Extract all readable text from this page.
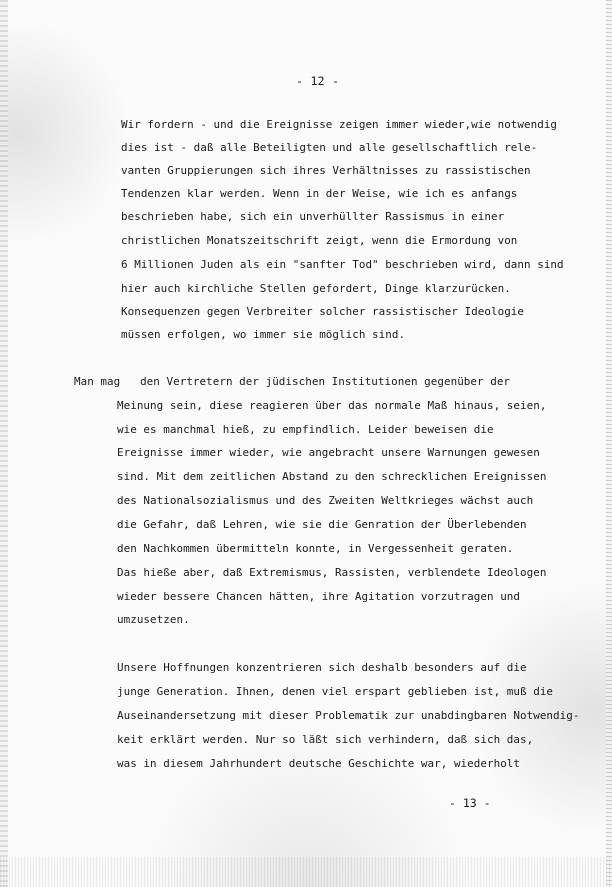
- 12 -
Wir fordern - und die Ereignisse zeigen immer wieder,wie notwendig
dies ist - daß alle Beteiligten und alle gesellschaftlich rele-
vanten Gruppierungen sich ihres Verhältnisses zu rassistischen
Tendenzen klar werden. Wenn in der Weise, wie ich es anfangs
beschrieben habe, sich ein unverhüllter Rassismus in einer
christlichen Monatszeitschrift zeigt, wenn die Ermordung von
6 Millionen Juden als ein "sanfter Tod" beschrieben wird, dann sind
hier auch kirchliche Stellen gefordert, Dinge klarzurücken.
Konsequenzen gegen Verbreiter solcher rassistischer Ideologie
müssen erfolgen, wo immer sie möglich sind.
Man mag   den Vertretern der jüdischen Institutionen gegenüber der
Meinung sein, diese reagieren über das normale Maß hinaus, seien,
wie es manchmal hieß, zu empfindlich. Leider beweisen die
Ereignisse immer wieder, wie angebracht unsere Warnungen gewesen
sind. Mit dem zeitlichen Abstand zu den schrecklichen Ereignissen
des Nationalsozialismus und des Zweiten Weltkrieges wächst auch
die Gefahr, daß Lehren, wie sie die Genration der Überlebenden
den Nachkommen übermitteln konnte, in Vergessenheit geraten.
Das hieße aber, daß Extremismus, Rassisten, verblendete Ideologen
wieder bessere Chancen hätten, ihre Agitation vorzutragen und
umzusetzen.
Unsere Hoffnungen konzentrieren sich deshalb besonders auf die
junge Generation. Ihnen, denen viel erspart geblieben ist, muß die
Auseinandersetzung mit dieser Problematik zur unabdingbaren Notwendig-
keit erklärt werden. Nur so läßt sich verhindern, daß sich das,
was in diesem Jahrhundert deutsche Geschichte war, wiederholt
- 13 -
